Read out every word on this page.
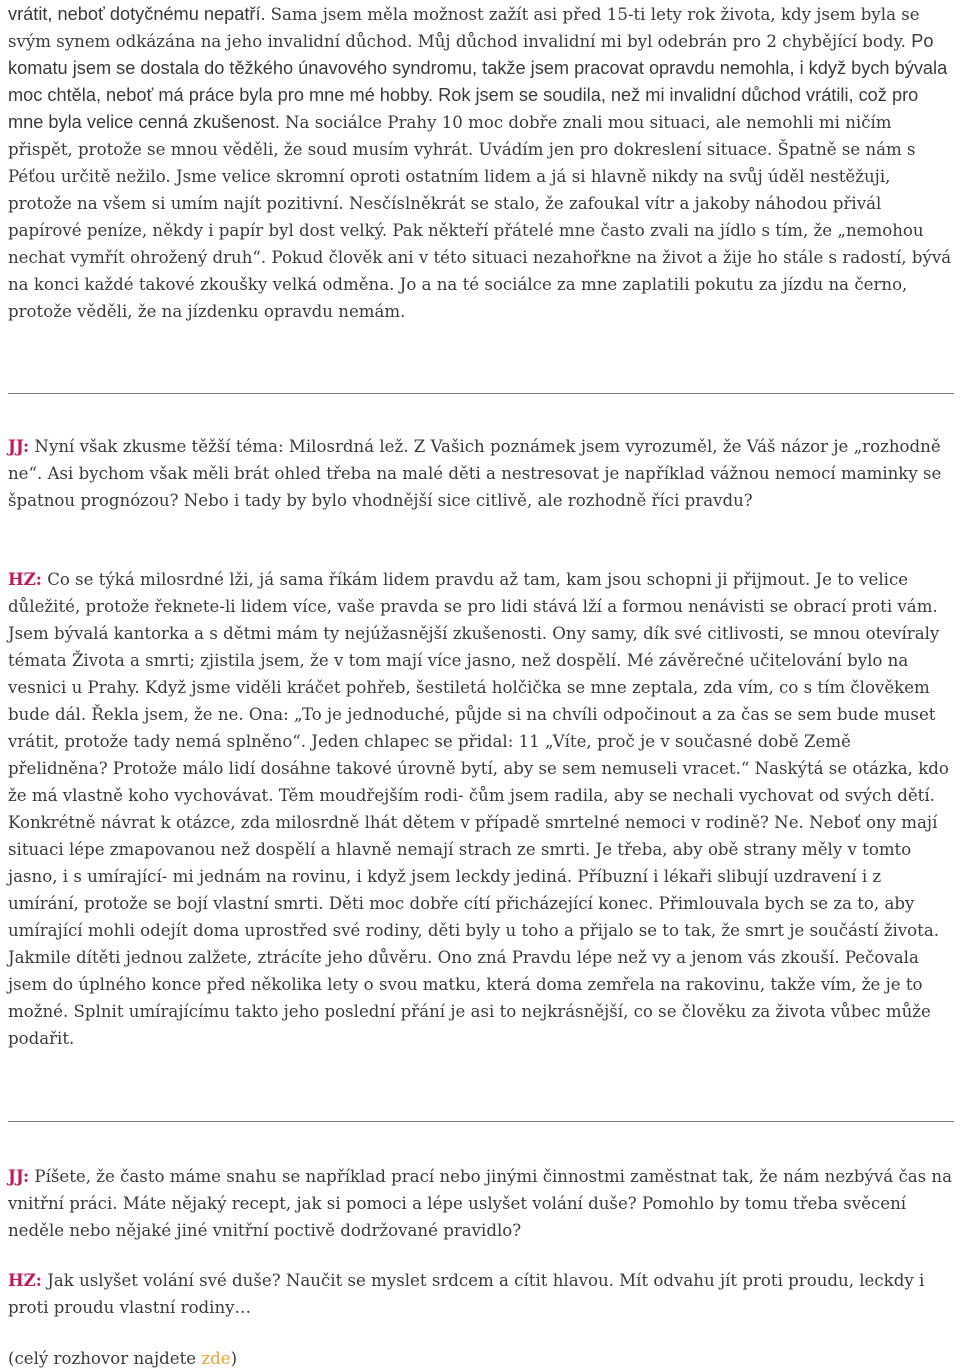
vrátit, neboť dotyčnému nepatří. Sama jsem měla možnost zažít asi před 15-ti lety rok života, kdy jsem byla se svým synem odkázána na jeho invalidní důchod. Můj důchod invalidní mi byl odebrán pro 2 chybějící body. Po komatu jsem se dostala do těžkého únavového syndromu, takže jsem pracovat opravdu nemohla, i když bych bývala moc chtěla, neboť má práce byla pro mne mé hobby. Rok jsem se soudila, než mi invalidní důchod vrátili, což pro mne byla velice cenná zkušenost. Na sociálce Prahy 10 moc dobře znali mou situaci, ale nemohli mi ničím přispět, protože se mnou věděli, že soud musím vyhrát. Uvádím jen pro dokreslení situace. Špatně se nám s Péťou určitě nežilo. Jsme velice skromní oproti ostatním lidem a já si hlavně nikdy na svůj úděl nestěžuji, protože na všem si umím najít pozitivní. Nesčíslněkrát se stalo, že zafoukal vítr a jakoby náhodou přivál papírové peníze, někdy i papír byl dost velký. Pak někteří přátelé mne často zvali na jídlo s tím, že „nemohou nechat vymřít ohrožený druh“. Pokud člověk ani v této situaci nezahořkne na život a žije ho stále s radostí, bývá na konci každé takové zkoušky velká odměna. Jo a na té sociálce za mne zaplatili pokutu za jízdu na černo, protože věděli, že na jízdenku opravdu nemám.

JJ: Nyní však zkusme těžší téma: Milosrdná lež. Z Vašich poznámek jsem vyrozuměl, že Váš názor je „rozhodně ne“. Asi bychom však měli brát ohled třeba na malé děti a nestresovat je například vážnou nemocí maminky se špatnou prognózou? Nebo i tady by bylo vhodnější sice citlivě, ale rozhodně říci pravdu?

HZ: Co se týká milosrdné lži, já sama říkám lidem pravdu až tam, kam jsou schopni ji přijmout. Je to velice důležité, protože řeknete-li lidem více, vaše pravda se pro lidi stává lží a formou nenávisti se obrací proti vám. Jsem bývalá kantorka a s dětmi mám ty nejúžasnější zkušenosti. Ony samy, dík své citlivosti, se mnou otevíraly témata Života a smrti; zjistila jsem, že v tom mají více jasno, než dospělí. Mé závěrečné učitelování bylo na vesnici u Prahy. Když jsme viděli kráčet pohřeb, šestiletá holčička se mne zeptala, zda vím, co s tím člověkem bude dál. Řekla jsem, že ne. Ona: „To je jednoduché, půjde si na chvíli odpočinout a za čas se sem bude muset vrátit, protože tady nemá splněno“. Jeden chlapec se přidal: 11 „Víte, proč je v současné době Země přelidněna? Protože málo lidí dosáhne takové úrovně bytí, aby se sem nemuseli vracet.“ Naskýtá se otázka, kdo že má vlastně koho vychovávat. Těm moudřejším rodi- čům jsem radila, aby se nechali vychovat od svých dětí. Konkrétně návrat k otázce, zda milosrdně lhát dětem v případě smrtelné nemoci v rodině? Ne. Neboť ony mají situaci lépe zmapovanou než dospělí a hlavně nemají strach ze smrti. Je třeba, aby obě strany měly v tomto jasno, i s umírající- mi jednám na rovinu, i když jsem leckdy jediná. Příbuzní i lékaři slibují uzdravení i z umírání, protože se bojí vlastní smrti. Děti moc dobře cítí přicházející konec. Přimlouvala bych se za to, aby umírající mohli odejít doma uprostřed své rodiny, děti byly u toho a přijalo se to tak, že smrt je součástí života. Jakmile dítěti jednou zalžete, ztrácíte jeho důvěru. Ono zná Pravdu lépe než vy a jenom vás zkouší. Pečovala jsem do úplného konce před několika lety o svou matku, která doma zemřela na rakovinu, takže vím, že je to možné. Splnit umírajícímu takto jeho poslední přání je asi to nejkrásnější, co se člověku za života vůbec může podařit.

JJ: Píšete, že často máme snahu se například prací nebo jinými činnostmi zaměstnat tak, že nám nezbývá čas na vnitřní práci. Máte nějaký recept, jak si pomoci a lépe uslyšet volání duše? Pomohlo by tomu třeba svěcení neděle nebo nějaké jiné vnitřní poctivě dodržované pravidlo?

HZ: Jak uslyšet volání své duše? Naučit se myslet srdcem a cítit hlavou. Mít odvahu jít proti proudu, leckdy i proti proudu vlastní rodiny…

(celý rozhovor najdete zde)
